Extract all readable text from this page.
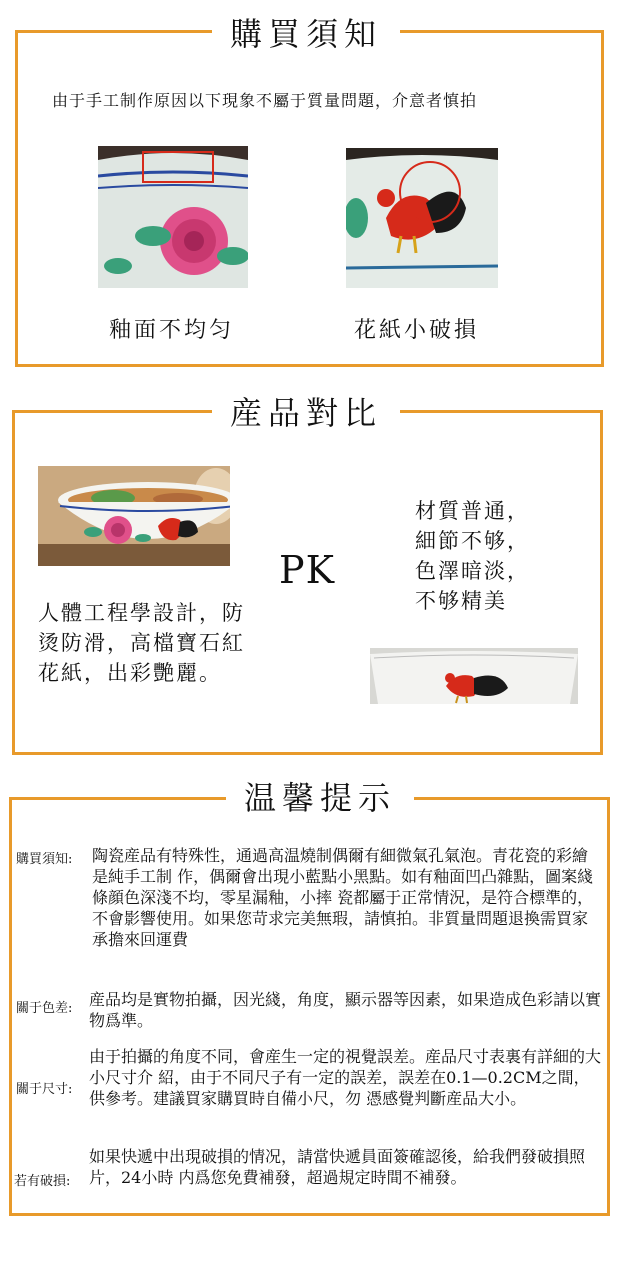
購買須知
由于手工制作原因以下現象不屬于質量問題，介意者慎拍
釉面不均匀	花紙小破損
産品對比
PK
人體工程學設計，防烫防滑，高檔寶石紅花紙，出彩艷麗。
材質普通，細節不够，色澤暗淡，不够精美
温馨提示
購買須知: 陶瓷産品有特殊性，通過高温燒制偶爾有細微氣孔氣泡。青花瓷的彩繪是純手工制 作，偶爾會出現小藍點小黑點。如有釉面凹凸雜點，圖案綫條顔色深淺不均，零星漏釉，小摔 瓷都屬于正常情況，是符合標準的，不會影響使用。如果您苛求完美無瑕，請慎拍。非質量問題退換需買家承擔來回運費
關于色差: 産品均是實物拍攝，因光綫，角度，顯示器等因素，如果造成色彩請以實物爲準。
關于尺寸:
由于拍攝的角度不同，會産生一定的視覺誤差。産品尺寸表裏有詳細的大小尺寸介 紹，由于不同尺子有一定的誤差，誤差在0.1—0.2CM之間，供參考。建議買家購買時自備小尺，勿 憑感覺判斷産品大小。
若有破損:
如果快遞中出現破損的情况，請當快遞員面簽確認後，給我們發破損照片，24小時 内爲您免費補發，超過規定時間不補發。
